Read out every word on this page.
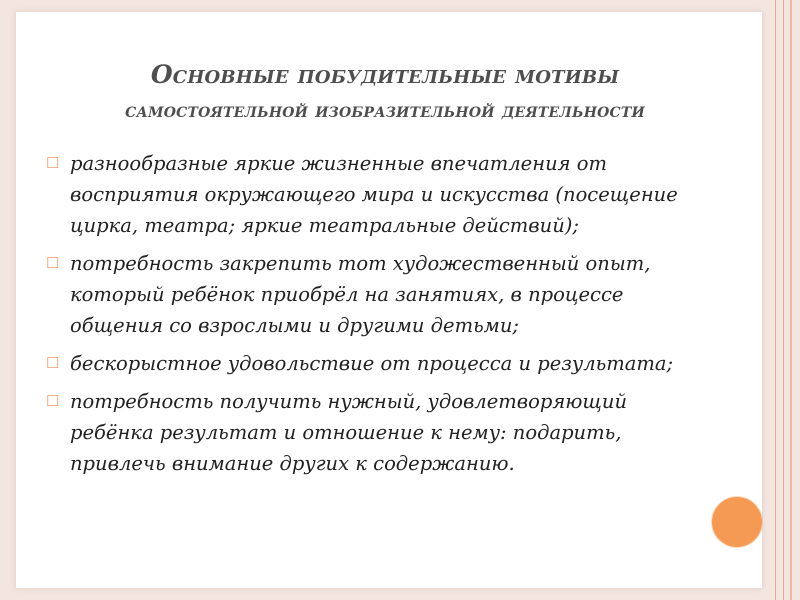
Основные побудительные мотивы
самостоятельной изобразительной деятельности
☐ разнообразные яркие жизненные впечатления от восприятия окружающего мира и искусства (посещение цирка, театра; яркие театральные действий);
☐ потребность закрепить тот художественный опыт, который ребёнок приобрёл на занятиях, в процессе общения со взрослыми и другими детьми;
☐ бескорыстное удовольствие от процесса и результата;
☐ потребность получить нужный, удовлетворяющий ребёнка результат и отношение к нему: подарить, привлечь внимание других к содержанию.
